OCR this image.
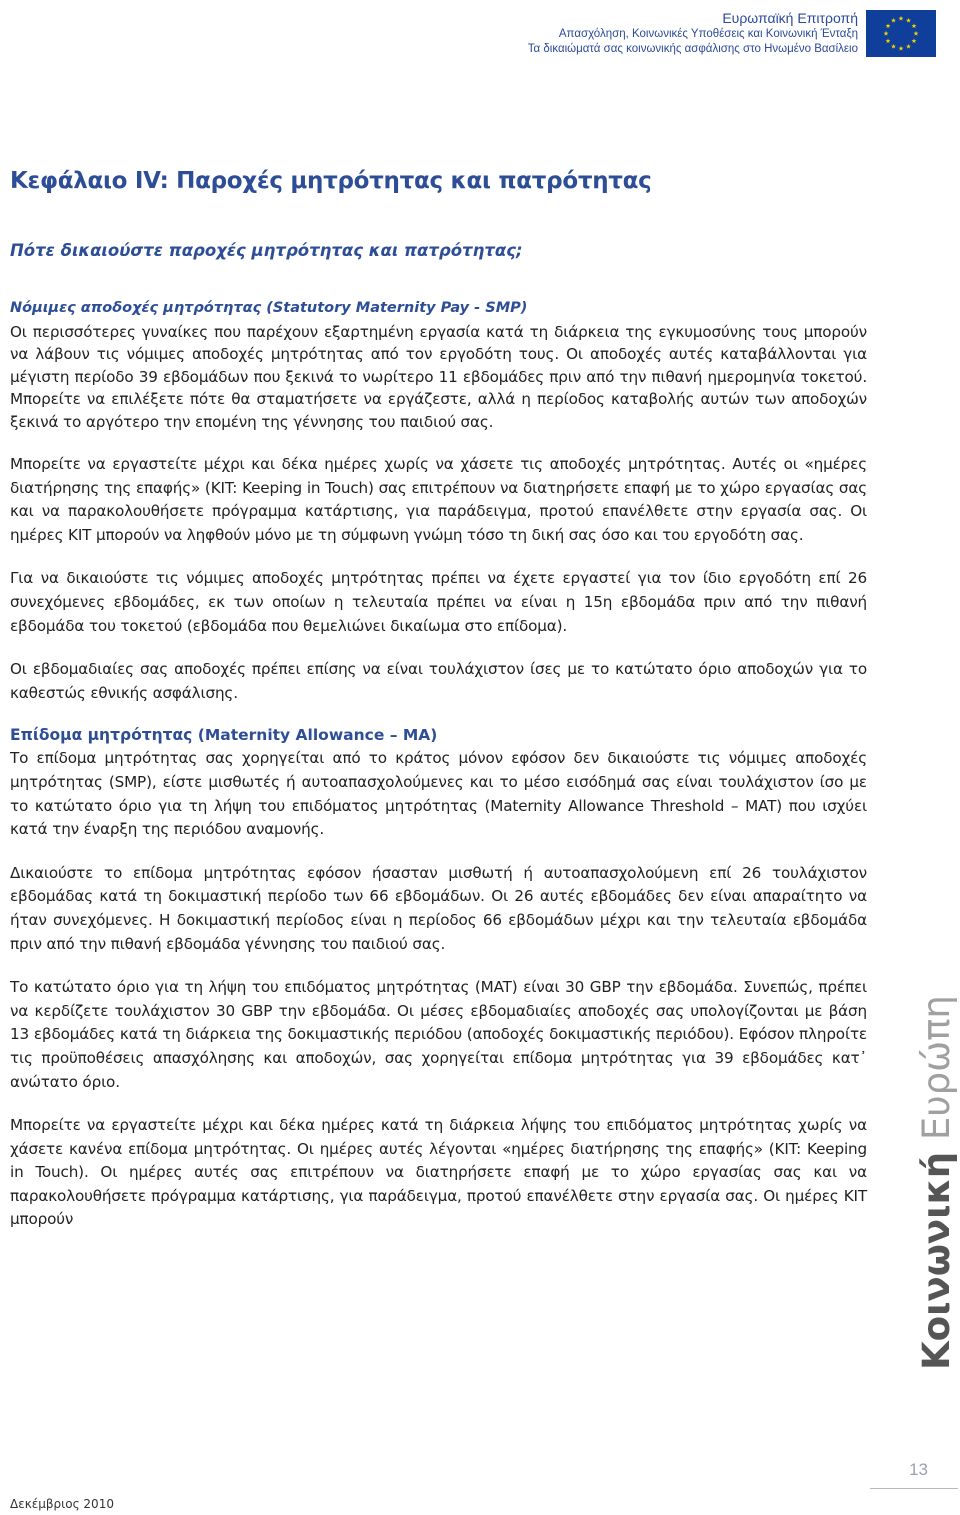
Ευρωπαϊκή Επιτροπή
Απασχόληση, Κοινωνικές Υποθέσεις και Κοινωνική Ένταξη
Τα δικαιώματά σας κοινωνικής ασφάλισης στο Ηνωμένο Βασίλειο
Κεφάλαιο IV: Παροχές μητρότητας και πατρότητας
Πότε δικαιούστε παροχές μητρότητας και πατρότητας;
Νόμιμες αποδοχές μητρότητας (Statutory Maternity Pay - SMP)

Οι περισσότερες γυναίκες που παρέχουν εξαρτημένη εργασία κατά τη διάρκεια της εγκυμοσύνης τους μπορούν να λάβουν τις νόμιμες αποδοχές μητρότητας από τον εργοδότη τους. Οι αποδοχές αυτές καταβάλλονται για μέγιστη περίοδο 39 εβδομάδων που ξεκινά το νωρίτερο 11 εβδομάδες πριν από την πιθανή ημερομηνία τοκετού. Μπορείτε να επιλέξετε πότε θα σταματήσετε να εργάζεστε, αλλά η περίοδος καταβολής αυτών των αποδοχών ξεκινά το αργότερο την επομένη της γέννησης του παιδιού σας.

Μπορείτε να εργαστείτε μέχρι και δέκα ημέρες χωρίς να χάσετε τις αποδοχές μητρότητας. Αυτές οι «ημέρες διατήρησης της επαφής» (KIT: Keeping in Touch) σας επιτρέπουν να διατηρήσετε επαφή με το χώρο εργασίας σας και να παρακολουθήσετε πρόγραμμα κατάρτισης, για παράδειγμα, προτού επανέλθετε στην εργασία σας. Οι ημέρες KIT μπορούν να ληφθούν μόνο με τη σύμφωνη γνώμη τόσο τη δική σας όσο και του εργοδότη σας.

Για να δικαιούστε τις νόμιμες αποδοχές μητρότητας πρέπει να έχετε εργαστεί για τον ίδιο εργοδότη επί 26 συνεχόμενες εβδομάδες, εκ των οποίων η τελευταία πρέπει να είναι η 15η εβδομάδα πριν από την πιθανή εβδομάδα του τοκετού (εβδομάδα που θεμελιώνει δικαίωμα στο επίδομα).

Οι εβδομαδιαίες σας αποδοχές πρέπει επίσης να είναι τουλάχιστον ίσες με το κατώτατο όριο αποδοχών για το καθεστώς εθνικής ασφάλισης.

Επίδομα μητρότητας (Maternity Allowance – MA)

Το επίδομα μητρότητας σας χορηγείται από το κράτος μόνον εφόσον δεν δικαιούστε τις νόμιμες αποδοχές μητρότητας (SMP), είστε μισθωτές ή αυτοαπασχολούμενες και το μέσο εισόδημά σας είναι τουλάχιστον ίσο με το κατώτατο όριο για τη λήψη του επιδόματος μητρότητας (Maternity Allowance Threshold – MAT) που ισχύει κατά την έναρξη της περιόδου αναμονής.

Δικαιούστε το επίδομα μητρότητας εφόσον ήσασταν μισθωτή ή αυτοαπασχολούμενη επί 26 τουλάχιστον εβδομάδας κατά τη δοκιμαστική περίοδο των 66 εβδομάδων. Οι 26 αυτές εβδομάδες δεν είναι απαραίτητο να ήταν συνεχόμενες. Η δοκιμαστική περίοδος είναι η περίοδος 66 εβδομάδων μέχρι και την τελευταία εβδομάδα πριν από την πιθανή εβδομάδα γέννησης του παιδιού σας.

Το κατώτατο όριο για τη λήψη του επιδόματος μητρότητας (MAT) είναι 30 GBP την εβδομάδα. Συνεπώς, πρέπει να κερδίζετε τουλάχιστον 30 GBP την εβδομάδα. Οι μέσες εβδομαδιαίες αποδοχές σας υπολογίζονται με βάση 13 εβδομάδες κατά τη διάρκεια της δοκιμαστικής περιόδου (αποδοχές δοκιμαστικής περιόδου). Εφόσον πληροίτε τις προϋποθέσεις απασχόλησης και αποδοχών, σας χορηγείται επίδομα μητρότητας για 39 εβδομάδες κατ᾽ ανώτατο όριο.

Μπορείτε να εργαστείτε μέχρι και δέκα ημέρες κατά τη διάρκεια λήψης του επιδόματος μητρότητας χωρίς να χάσετε κανένα επίδομα μητρότητας. Οι ημέρες αυτές λέγονται «ημέρες διατήρησης της επαφής» (KIT: Keeping in Touch). Οι ημέρες αυτές σας επιτρέπουν να διατηρήσετε επαφή με το χώρο εργασίας σας και να παρακολουθήσετε πρόγραμμα κατάρτισης, για παράδειγμα, προτού επανέλθετε στην εργασία σας. Οι ημέρες KIT μπορούν	Κοινωνική Ευρώπη
13
Δεκέμβριος 2010
